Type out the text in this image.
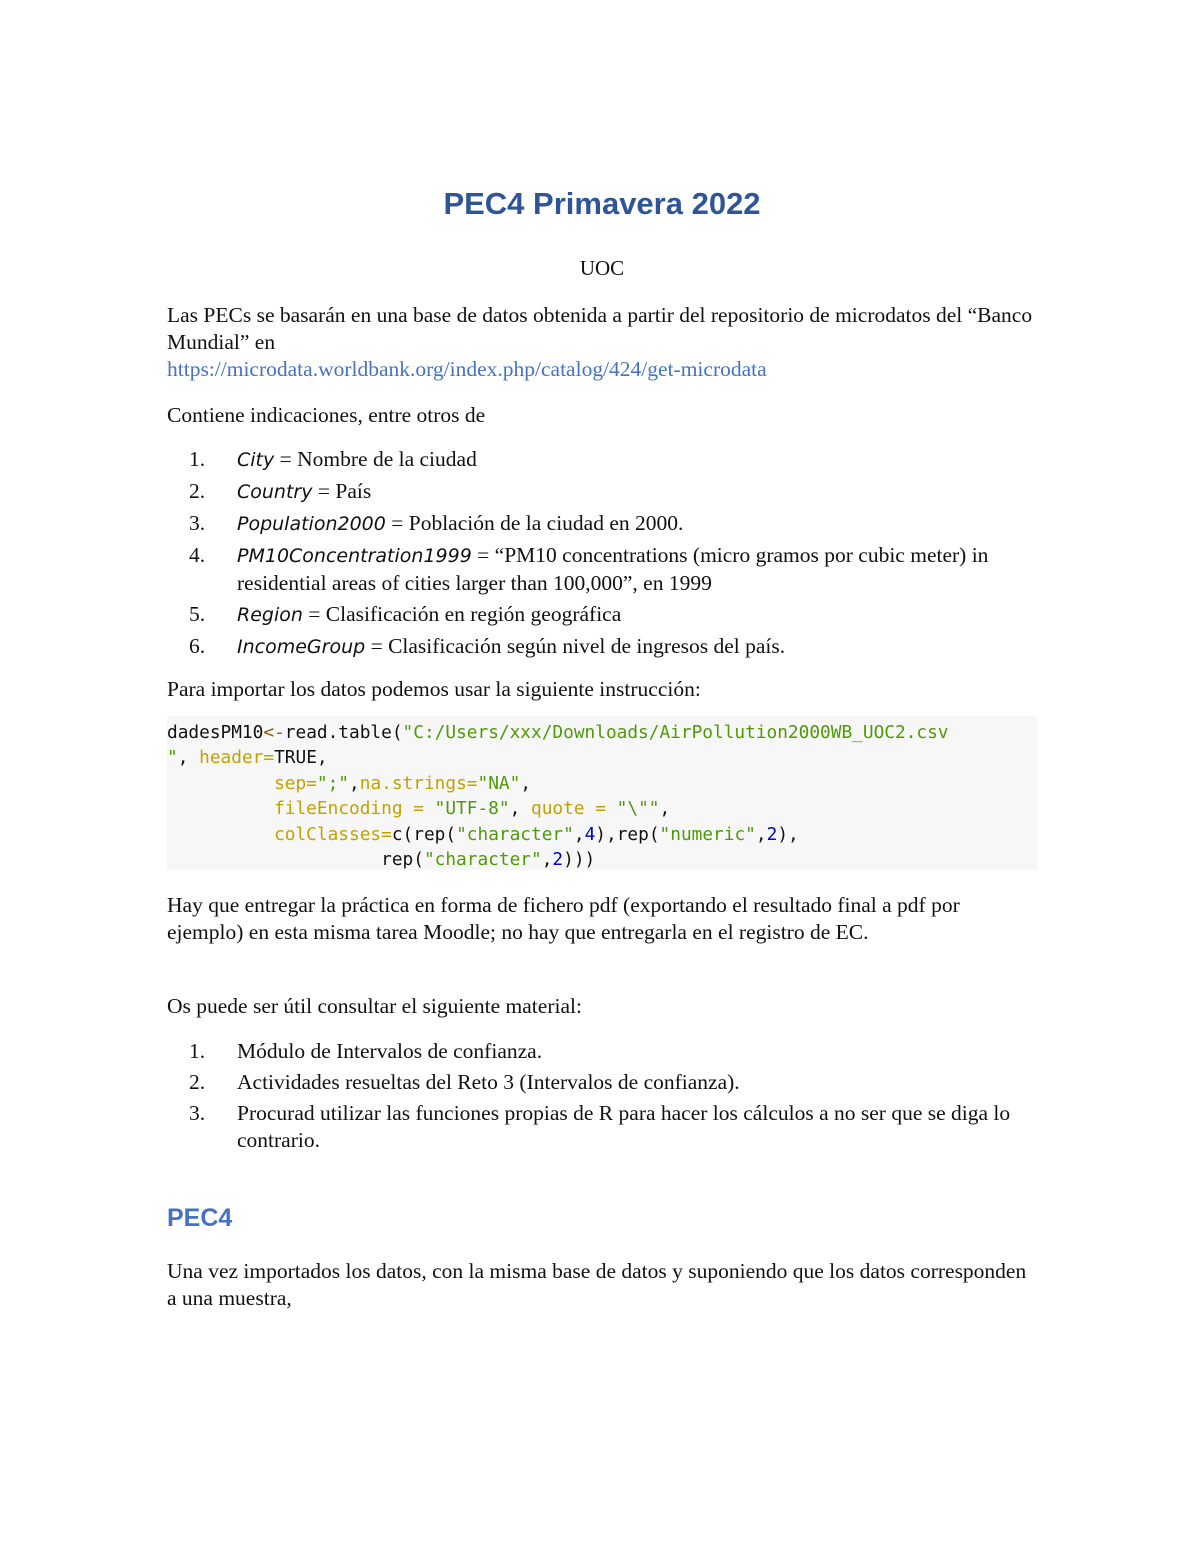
PEC4 Primavera 2022

UOC

Las PECs se basarán en una base de datos obtenida a partir del repositorio de microdatos del “Banco Mundial” en
https://microdata.worldbank.org/index.php/catalog/424/get-microdata

Contiene indicaciones, entre otros de

1. City = Nombre de la ciudad
2. Country = País
3. Population2000 = Población de la ciudad en 2000.
4. PM10Concentration1999 = “PM10 concentrations (micro gramos por cubic meter) in residential areas of cities larger than 100,000”, en 1999
5. Region = Clasificación en región geográfica
6. IncomeGroup = Clasificación según nivel de ingresos del país.

Para importar los datos podemos usar la siguiente instrucción:

dadesPM10<-read.table("C:/Users/xxx/Downloads/AirPollution2000WB_UOC2.csv
", header=TRUE,
sep=";",na.strings="NA",
fileEncoding = "UTF-8", quote = "\"",
colClasses=c(rep("character",4),rep("numeric",2),
rep("character",2)))

Hay que entregar la práctica en forma de fichero pdf (exportando el resultado final a pdf por ejemplo) en esta misma tarea Moodle; no hay que entregarla en el registro de EC.

Os puede ser útil consultar el siguiente material:

1. Módulo de Intervalos de confianza.
2. Actividades resueltas del Reto 3 (Intervalos de confianza).
3. Procurad utilizar las funciones propias de R para hacer los cálculos a no ser que se diga lo contrario.
PEC4

Una vez importados los datos, con la misma base de datos y suponiendo que los datos corresponden a una muestra,
